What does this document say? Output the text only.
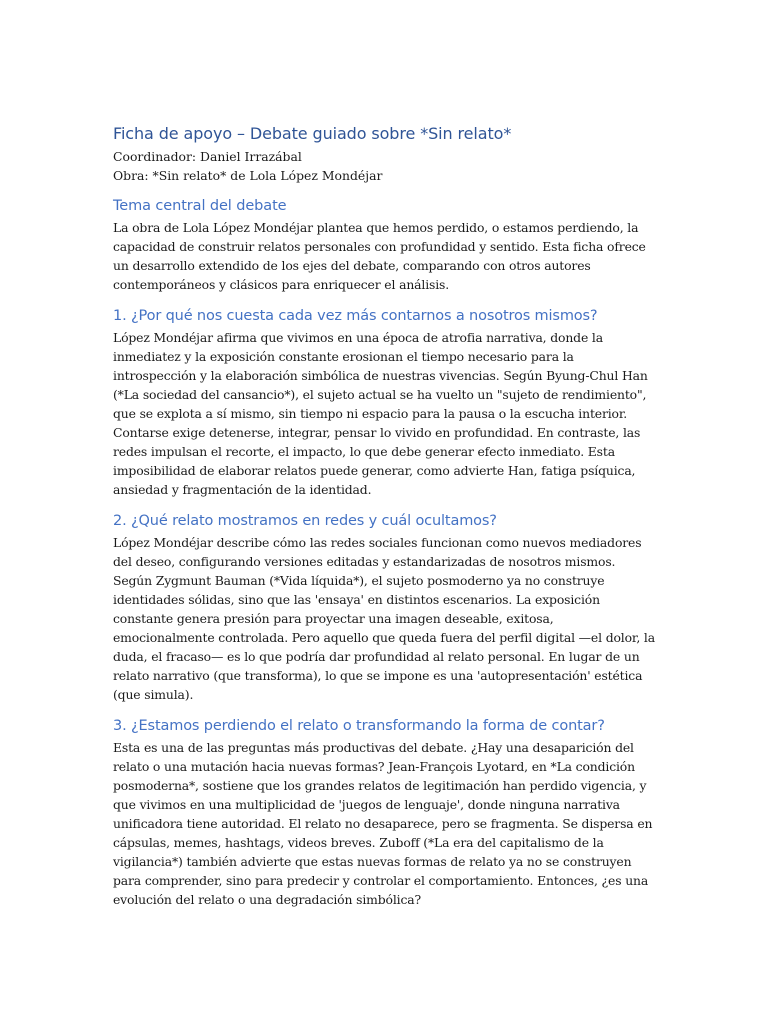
Ficha de apoyo – Debate guiado sobre *Sin relato*

Coordinador: Daniel Irrazábal

Obra: *Sin relato* de Lola López Mondéjar

Tema central del debate

La obra de Lola López Mondéjar plantea que hemos perdido, o estamos perdiendo, la capacidad de construir relatos personales con profundidad y sentido. Esta ficha ofrece un desarrollo extendido de los ejes del debate, comparando con otros autores contemporáneos y clásicos para enriquecer el análisis.

1. ¿Por qué nos cuesta cada vez más contarnos a nosotros mismos?

López Mondéjar afirma que vivimos en una época de atrofia narrativa, donde la inmediatez y la exposición constante erosionan el tiempo necesario para la introspección y la elaboración simbólica de nuestras vivencias. Según Byung-Chul Han (*La sociedad del cansancio*), el sujeto actual se ha vuelto un "sujeto de rendimiento", que se explota a sí mismo, sin tiempo ni espacio para la pausa o la escucha interior. Contarse exige detenerse, integrar, pensar lo vivido en profundidad. En contraste, las redes impulsan el recorte, el impacto, lo que debe generar efecto inmediato. Esta imposibilidad de elaborar relatos puede generar, como advierte Han, fatiga psíquica, ansiedad y fragmentación de la identidad.

2. ¿Qué relato mostramos en redes y cuál ocultamos?

López Mondéjar describe cómo las redes sociales funcionan como nuevos mediadores del deseo, configurando versiones editadas y estandarizadas de nosotros mismos. Según Zygmunt Bauman (*Vida líquida*), el sujeto posmoderno ya no construye identidades sólidas, sino que las 'ensaya' en distintos escenarios. La exposición constante genera presión para proyectar una imagen deseable, exitosa, emocionalmente controlada. Pero aquello que queda fuera del perfil digital —el dolor, la duda, el fracaso— es lo que podría dar profundidad al relato personal. En lugar de un relato narrativo (que transforma), lo que se impone es una 'autopresentación' estética (que simula).

3. ¿Estamos perdiendo el relato o transformando la forma de contar?

Esta es una de las preguntas más productivas del debate. ¿Hay una desaparición del relato o una mutación hacia nuevas formas? Jean-François Lyotard, en *La condición posmoderna*, sostiene que los grandes relatos de legitimación han perdido vigencia, y que vivimos en una multiplicidad de 'juegos de lenguaje', donde ninguna narrativa unificadora tiene autoridad. El relato no desaparece, pero se fragmenta. Se dispersa en cápsulas, memes, hashtags, videos breves. Zuboff (*La era del capitalismo de la vigilancia*) también advierte que estas nuevas formas de relato ya no se construyen para comprender, sino para predecir y controlar el comportamiento. Entonces, ¿es una evolución del relato o una degradación simbólica?
